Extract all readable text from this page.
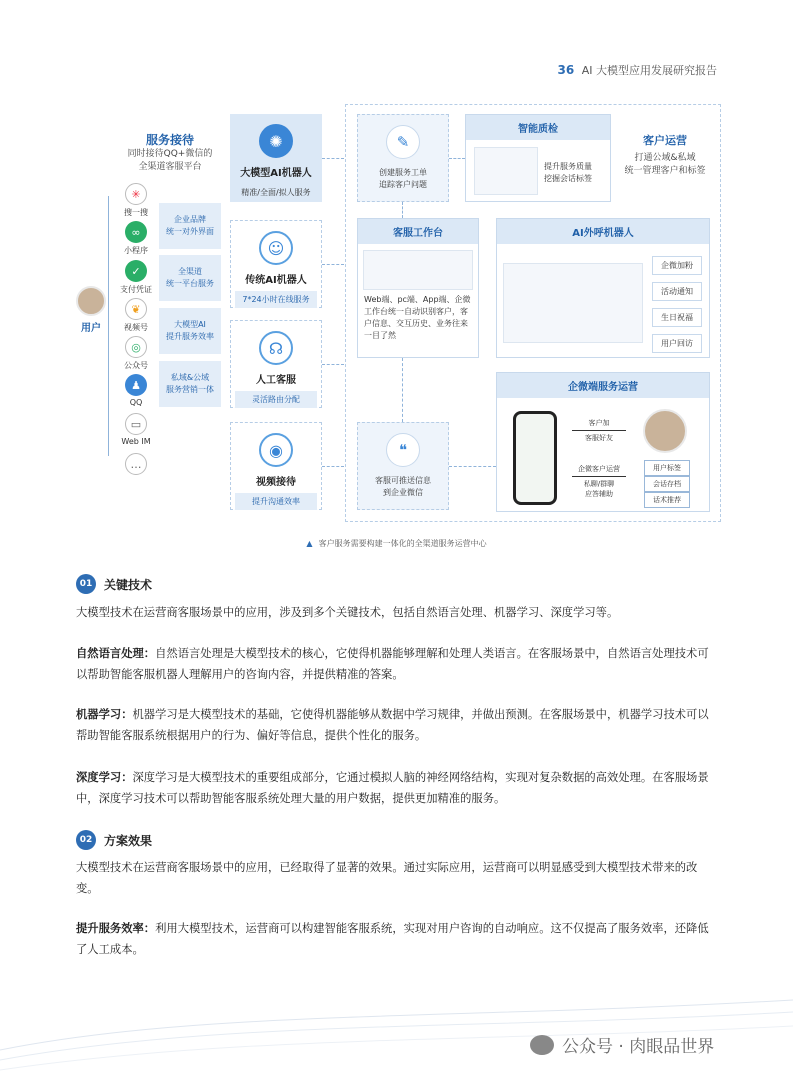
36 AI 大模型应用发展研究报告
服务接待
同时接待QQ+微信的
全渠道客服平台
✳
搜一搜
∞
小程序
✓
支付凭证
❦
视频号
◎
公众号
♟
QQ
▭
Web IM
…
企业品牌
统一对外界面
全渠道
统一平台服务
大模型AI
提升服务效率
私域&公域
服务营销一体
用户
✺
大模型AI机器人
精准/全面/拟人服务
☺
传统AI机器人
7*24小时在线服务
☊
人工客服
灵活路由分配
◉
视频接待
提升沟通效率
✎
创建服务工单
追踪客户问题
智能质检
提升服务质量
挖掘会话标签
客户运营
打通公域&私域
统一管理客户和标签
客服工作台
Web端、pc端、App端、企微工作台统一自动识别客户，客户信息、交互历史、业务往来一目了然
AI外呼机器人
企微加粉
活动通知
生日祝福
用户回访
❝
客服可推送信息
到企业微信
企微端服务运营
客户加
客服好友
企微客户运营
私聊/群聊
应答辅助
用户标签
会话存档
话术推荐
▲ 客户服务需要构建一体化的全渠道服务运营中心
01 关键技术
大模型技术在运营商客服场景中的应用，涉及到多个关键技术，包括自然语言处理、机器学习、深度学习等。
自然语言处理：自然语言处理是大模型技术的核心，它使得机器能够理解和处理人类语言。在客服场景中，自然语言处理技术可以帮助智能客服机器人理解用户的咨询内容，并提供精准的答案。
机器学习：机器学习是大模型技术的基础，它使得机器能够从数据中学习规律，并做出预测。在客服场景中，机器学习技术可以帮助智能客服系统根据用户的行为、偏好等信息，提供个性化的服务。
深度学习：深度学习是大模型技术的重要组成部分，它通过模拟人脑的神经网络结构，实现对复杂数据的高效处理。在客服场景中，深度学习技术可以帮助智能客服系统处理大量的用户数据，提供更加精准的服务。
02 方案效果
大模型技术在运营商客服场景中的应用，已经取得了显著的效果。通过实际应用，运营商可以明显感受到大模型技术带来的改变。
提升服务效率：利用大模型技术，运营商可以构建智能客服系统，实现对用户咨询的自动响应。这不仅提高了服务效率，还降低了人工成本。
公众号 · 肉眼品世界
